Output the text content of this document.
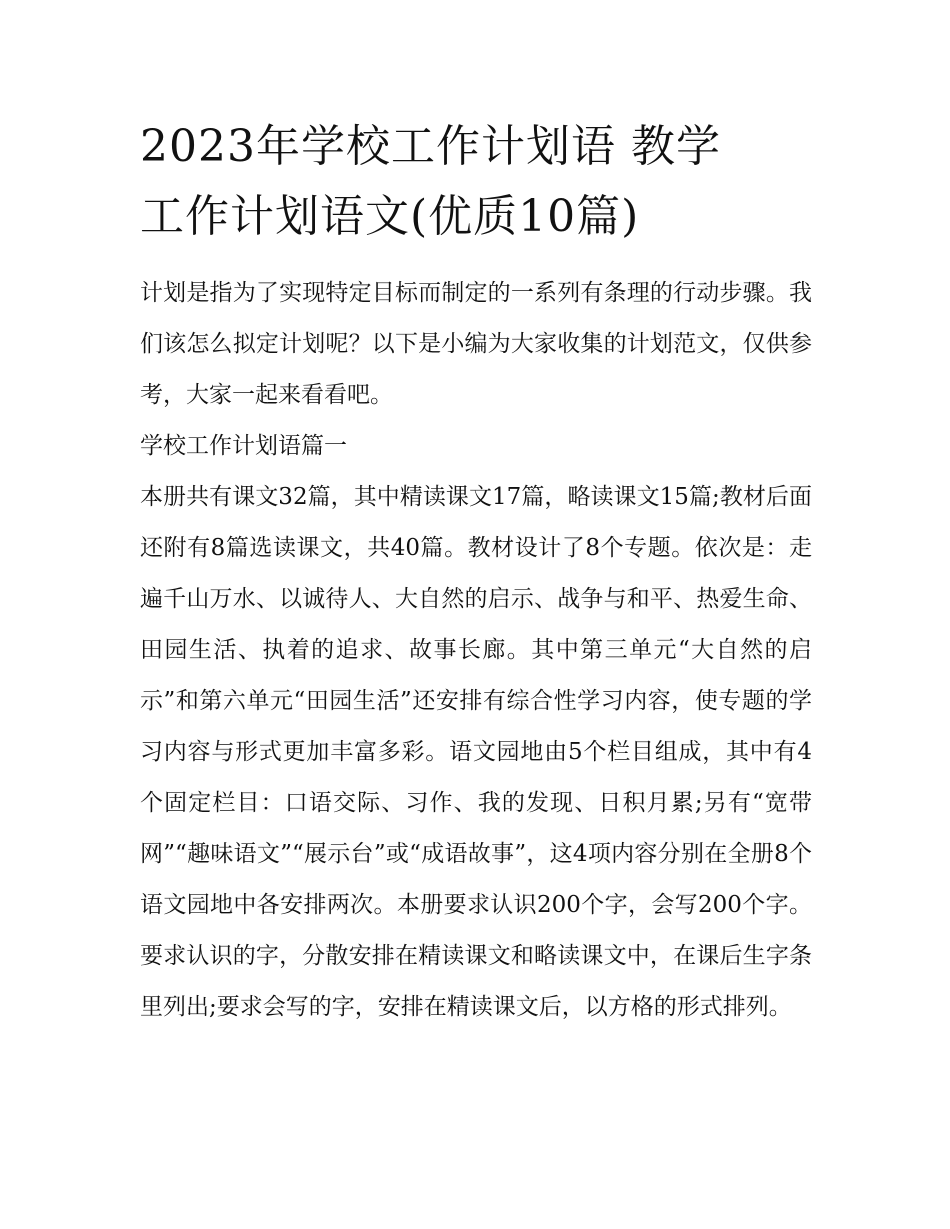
2023年学校工作计划语 教学
工作计划语文(优质10篇)

计划是指为了实现特定目标而制定的一系列有条理的行动步骤。我们该怎么拟定计划呢？以下是小编为大家收集的计划范文，仅供参考，大家一起来看看吧。

学校工作计划语篇一

本册共有课文32篇，其中精读课文17篇，略读课文15篇;教材后面还附有8篇选读课文，共40篇。教材设计了8个专题。依次是：走遍千山万水、以诚待人、大自然的启示、战争与和平、热爱生命、田园生活、执着的追求、故事长廊。其中第三单元“大自然的启示”和第六单元“田园生活”还安排有综合性学习内容，使专题的学习内容与形式更加丰富多彩。语文园地由5个栏目组成，其中有4个固定栏目：口语交际、习作、我的发现、日积月累;另有“宽带网”“趣味语文”“展示台”或“成语故事”，这4项内容分别在全册8个语文园地中各安排两次。本册要求认识200个字，会写200个字。要求认识的字，分散安排在精读课文和略读课文中，在课后生字条里列出;要求会写的字，安排在精读课文后，以方格的形式排列。
